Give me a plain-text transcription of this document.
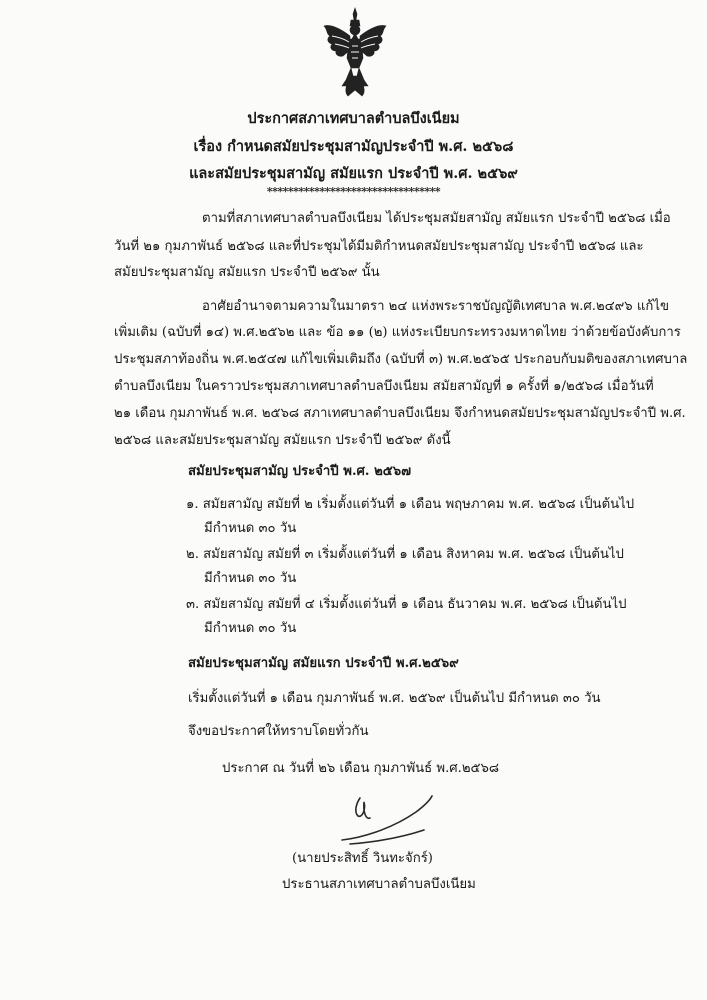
ประกาศสภาเทศบาลตำบลบึงเนียม
เรื่อง กำหนดสมัยประชุมสามัญประจำปี พ.ศ. ๒๕๖๘
และสมัยประชุมสามัญ สมัยแรก ประจำปี พ.ศ. ๒๕๖๙
*********************************
ตามที่สภาเทศบาลตำบลบึงเนียม ได้ประชุมสมัยสามัญ สมัยแรก ประจำปี ๒๕๖๘ เมื่อ
วันที่ ๒๑ กุมภาพันธ์ ๒๕๖๘ และที่ประชุมได้มีมติกำหนดสมัยประชุมสามัญ ประจำปี ๒๕๖๘ และ
สมัยประชุมสามัญ สมัยแรก ประจำปี ๒๕๖๙ นั้น
อาศัยอำนาจตามความในมาตรา ๒๔ แห่งพระราชบัญญัติเทศบาล พ.ศ.๒๔๙๖ แก้ไข
เพิ่มเติม (ฉบับที่ ๑๔) พ.ศ.๒๕๖๒ และ ข้อ ๑๑ (๒) แห่งระเบียบกระทรวงมหาดไทย ว่าด้วยข้อบังคับการ
ประชุมสภาท้องถิ่น พ.ศ.๒๕๔๗ แก้ไขเพิ่มเติมถึง (ฉบับที่ ๓) พ.ศ.๒๕๖๕ ประกอบกับมติของสภาเทศบาล
ตำบลบึงเนียม ในคราวประชุมสภาเทศบาลตำบลบึงเนียม สมัยสามัญที่ ๑ ครั้งที่ ๑/๒๕๖๘ เมื่อวันที่
๒๑ เดือน กุมภาพันธ์ พ.ศ. ๒๕๖๘ สภาเทศบาลตำบลบึงเนียม จึงกำหนดสมัยประชุมสามัญประจำปี พ.ศ.
๒๕๖๘ และสมัยประชุมสามัญ สมัยแรก ประจำปี ๒๕๖๙ ดังนี้
สมัยประชุมสามัญ ประจำปี พ.ศ. ๒๕๖๗
๑. สมัยสามัญ สมัยที่ ๒ เริ่มตั้งแต่วันที่ ๑ เดือน พฤษภาคม พ.ศ. ๒๕๖๘ เป็นต้นไป
มีกำหนด ๓๐ วัน
๒. สมัยสามัญ สมัยที่ ๓ เริ่มตั้งแต่วันที่ ๑ เดือน สิงหาคม พ.ศ. ๒๕๖๘ เป็นต้นไป
มีกำหนด ๓๐ วัน
๓. สมัยสามัญ สมัยที่ ๔ เริ่มตั้งแต่วันที่ ๑ เดือน ธันวาคม พ.ศ. ๒๕๖๘ เป็นต้นไป
มีกำหนด ๓๐ วัน
สมัยประชุมสามัญ สมัยแรก ประจำปี พ.ศ.๒๕๖๙
เริ่มตั้งแต่วันที่ ๑ เดือน กุมภาพันธ์ พ.ศ. ๒๕๖๙ เป็นต้นไป มีกำหนด ๓๐ วัน
จึงขอประกาศให้ทราบโดยทั่วกัน
ประกาศ ณ วันที่ ๒๖ เดือน กุมภาพันธ์ พ.ศ.๒๕๖๘
(นายประสิทธิ์ วินทะจักร์)
ประธานสภาเทศบาลตำบลบึงเนียม
